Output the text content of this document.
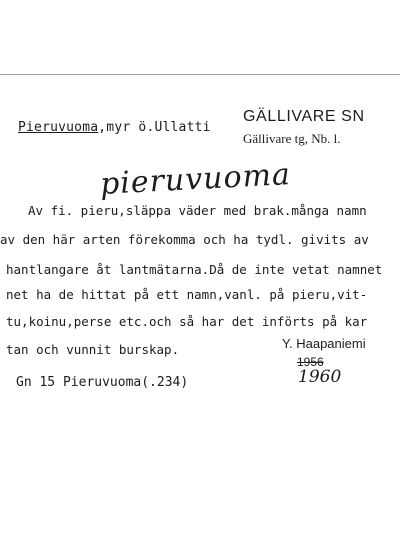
Pieruvuoma,myr ö.Ullatti
GÄLLIVARE SN
Gällivare tg, Nb. l.
pieruvuoma
Av fi. pieru,släppa väder med brak.många namn
av den här arten förekomma och ha tydl. givits av
hantlangare åt lantmätarna.Då de inte vetat namnet
net ha de hittat på ett namn,vanl. på pieru,vit-
tu,koinu,perse etc.och så har det införts på kar
tan och vunnit burskap.	Y. Haapaniemi
1956
1960
Gn 15 Pieruvuoma(.234)
